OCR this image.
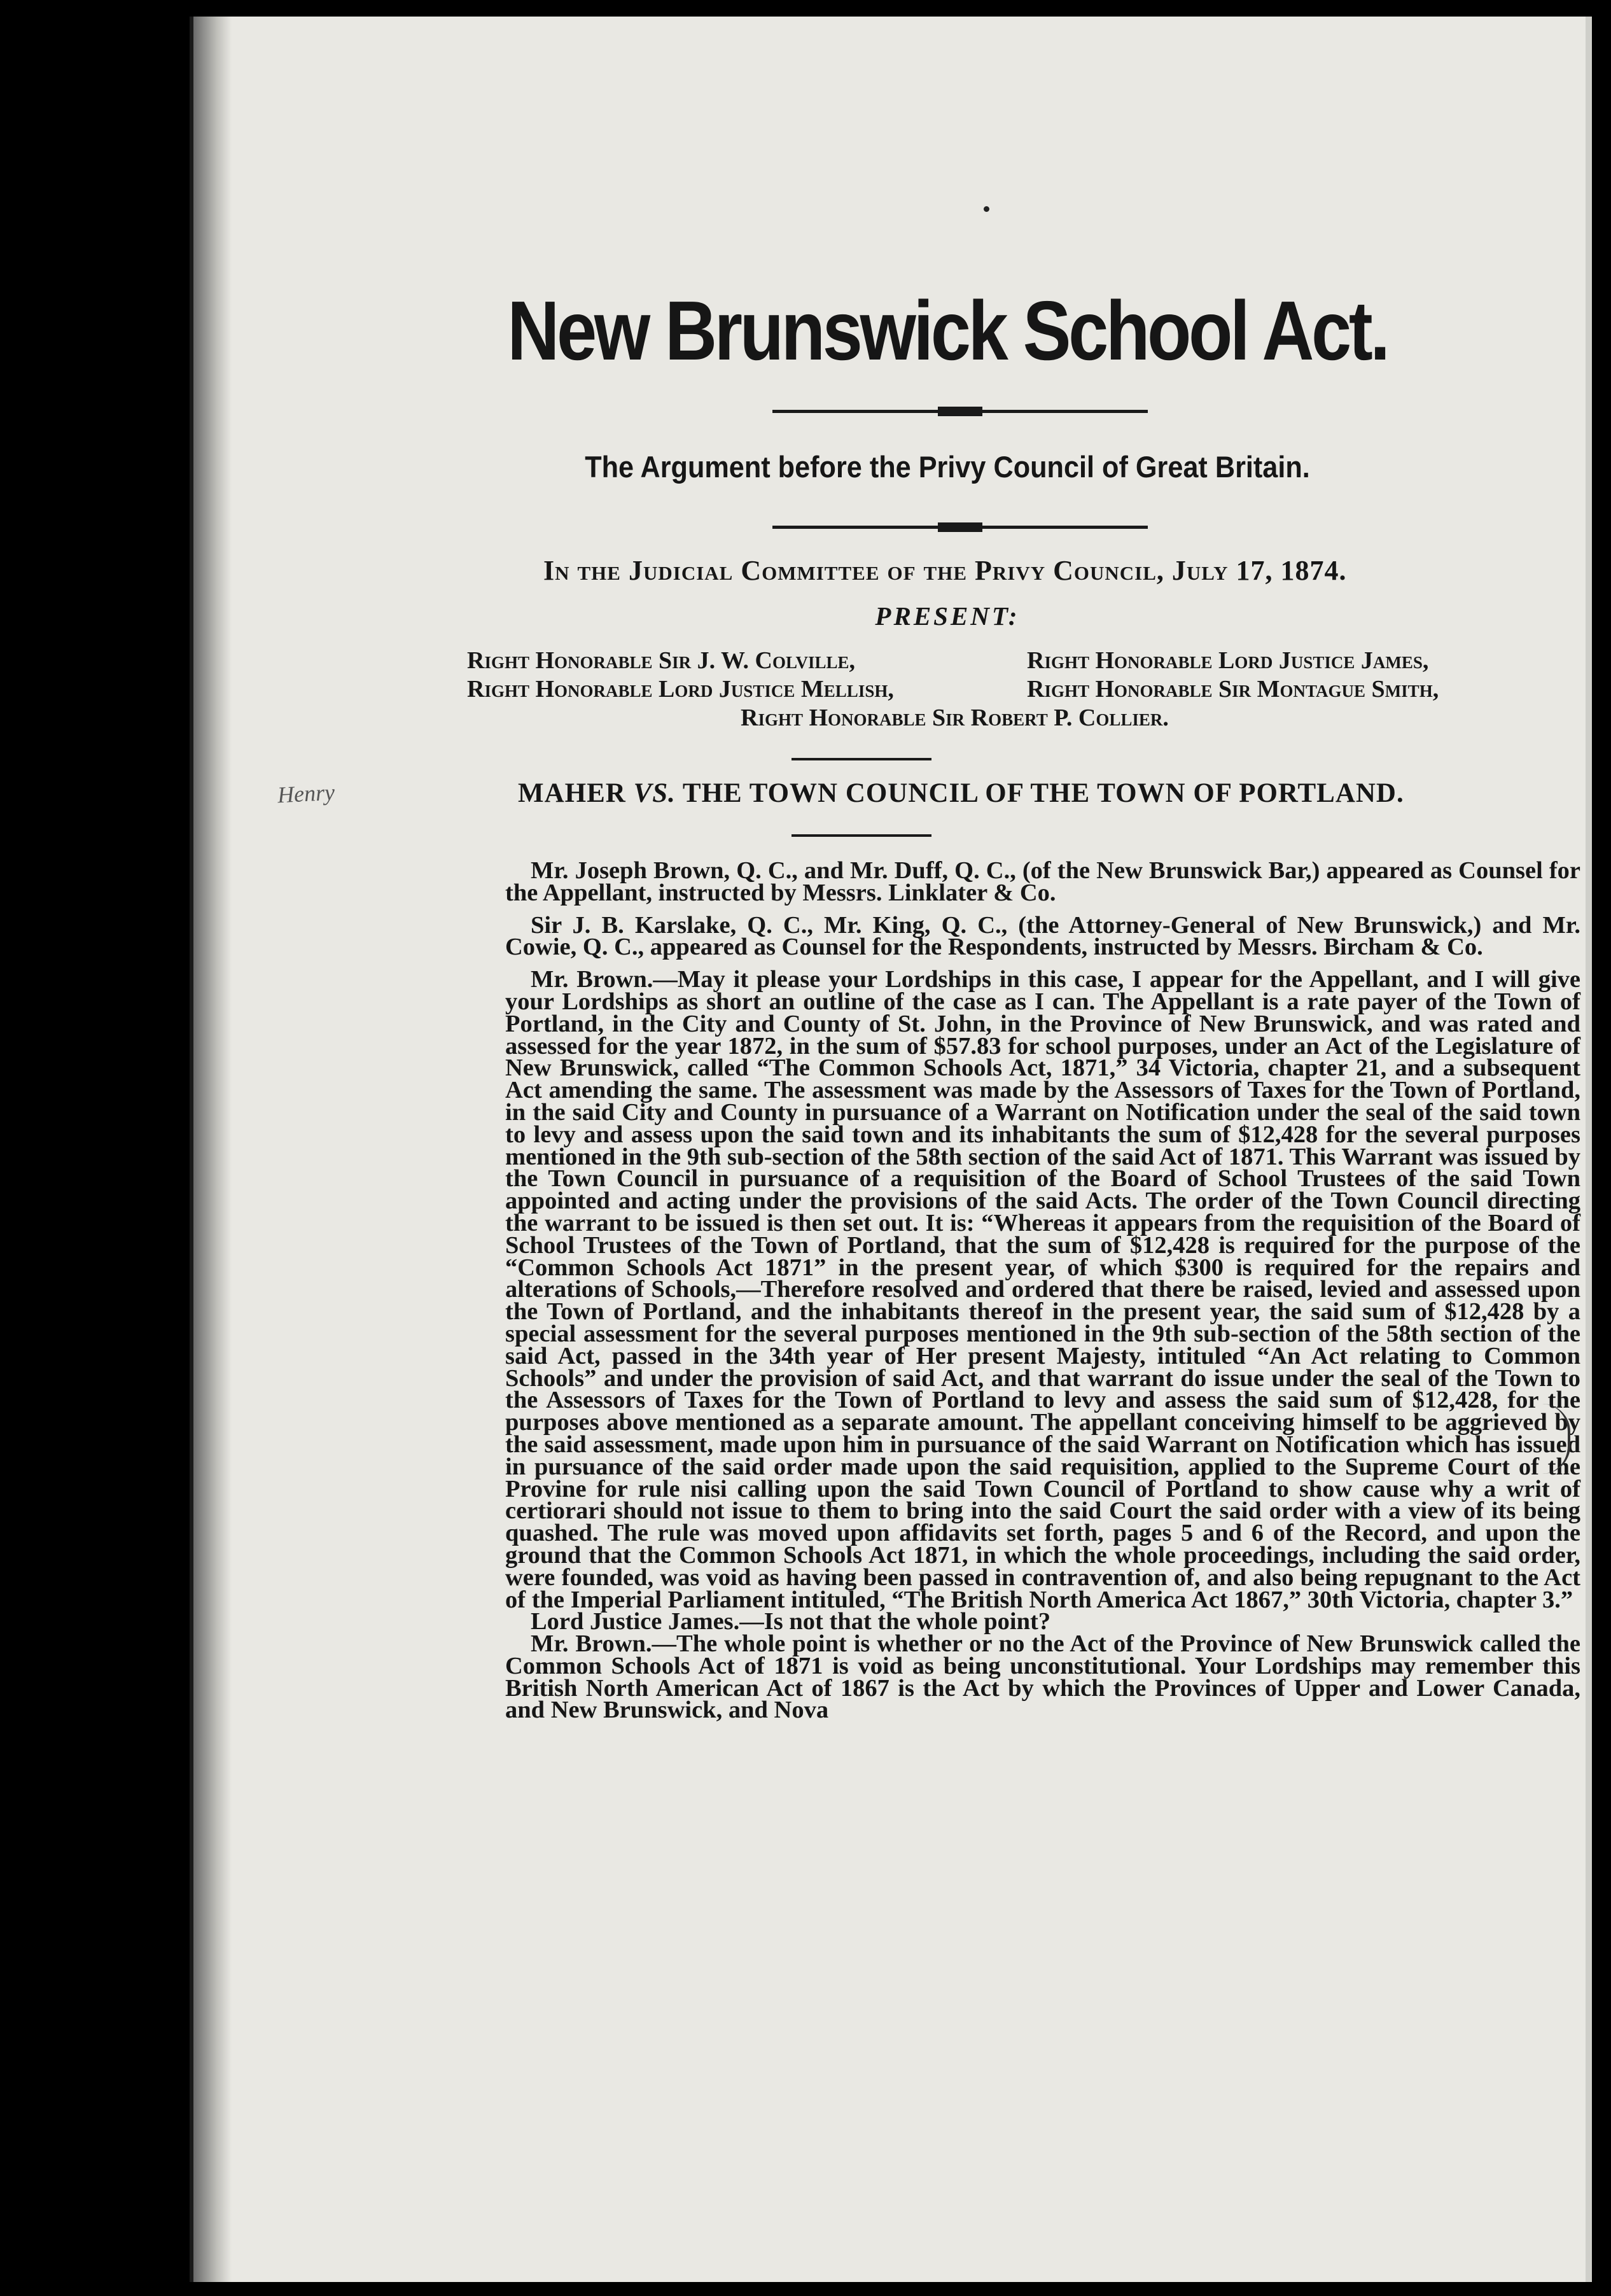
New Brunswick School Act.
The Argument before the Privy Council of Great Britain.

In the Judicial Committee of the Privy Council, July 17, 1874.

PRESENT:

Right Honorable Sir J. W. Colville,	Right Honorable Lord Justice James,

Right Honorable Lord Justice Mellish,	Right Honorable Sir Montague Smith,

Right Honorable Sir Robert P. Collier.

Henry	MAHER VS. THE TOWN COUNCIL OF THE TOWN OF PORTLAND.

Mr. Joseph Brown, Q. C., and Mr. Duff, Q. C., (of the New Brunswick Bar,) appeared as Counsel for the Appellant, instructed by Messrs. Linklater & Co.

Sir J. B. Karslake, Q. C., Mr. King, Q. C., (the Attorney-General of New Brunswick,) and Mr. Cowie, Q. C., appeared as Counsel for the Respondents, instructed by Messrs. Bircham & Co.

Mr. Brown.—May it please your Lordships in this case, I appear for the Appellant, and I will give your Lordships as short an outline of the case as I can. The Appellant is a rate payer of the Town of Portland, in the City and County of St. John, in the Province of New Brunswick, and was rated and assessed for the year 1872, in the sum of $57.83 for school purposes, under an Act of the Legislature of New Brunswick, called “The Common Schools Act, 1871,” 34 Victoria, chapter 21, and a subsequent Act amending the same. The assessment was made by the Assessors of Taxes for the Town of Portland, in the said City and County in pursuance of a Warrant on Notification under the seal of the said town to levy and assess upon the said town and its inhabitants the sum of $12,428 for the several purposes mentioned in the 9th sub-section of the 58th section of the said Act of 1871. This Warrant was issued by the Town Council in pursuance of a requisition of the Board of School Trustees of the said Town appointed and acting under the provisions of the said Acts. The order of the Town Council directing the warrant to be issued is then set out. It is: “Whereas it appears from the requisition of the Board of School Trustees of the Town of Portland, that the sum of $12,428 is required for the purpose of the “Common Schools Act 1871” in the present year, of which $300 is required for the repairs and alterations of Schools,—Therefore resolved and ordered that there be raised, levied and assessed upon the Town of Portland, and the inhabitants thereof in the present year, the said sum of $12,428 by a special assessment for the several purposes mentioned in the 9th sub-section of the 58th section of the said Act, passed in the 34th year of Her present Majesty, intituled “An Act relating to Common Schools” and under the provision of said Act, and that warrant do issue under the seal of the Town to the Assessors of Taxes for the Town of Portland to levy and assess the said sum of $12,428, for the purposes above mentioned as a separate amount. The appellant conceiving himself to be aggrieved by the said assessment, made upon him in pursuance of the said Warrant on Notification which has issued in pursuance of the said order made upon the said requisition, applied to the Supreme Court of the Provine for rule nisi calling upon the said Town Council of Portland to show cause why a writ of certiorari should not issue to them to bring into the said Court the said order with a view of its being quashed. The rule was moved upon affidavits set forth, pages 5 and 6 of the Record, and upon the ground that the Common Schools Act 1871, in which the whole proceedings, including the said order, were founded, was void as having been passed in contravention of, and also being repugnant to the Act of the Imperial Parliament intituled, “The British North America Act 1867,” 30th Victoria, chapter 3.”

Lord Justice James.—Is not that the whole point?

Mr. Brown.—The whole point is whether or no the Act of the Province of New Brunswick called the Common Schools Act of 1871 is void as being unconstitutional. Your Lordships may remember this British North American Act of 1867 is the Act by which the Provinces of Upper and Lower Canada, and New Brunswick, and Nova
